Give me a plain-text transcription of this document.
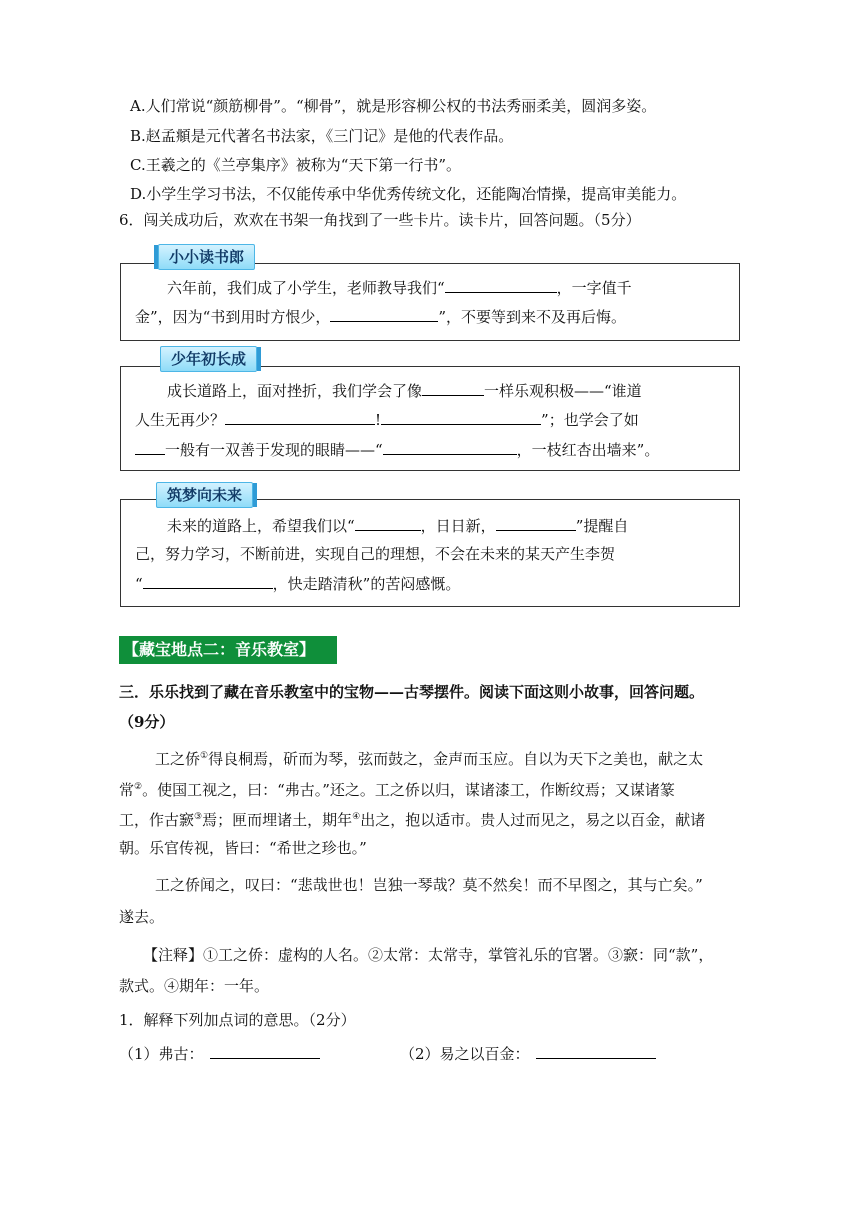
A.人们常说“颜筋柳骨”。“柳骨”，就是形容柳公权的书法秀丽柔美，圆润多姿。
B.赵孟頫是元代著名书法家，《三门记》是他的代表作品。
C.王羲之的《兰亭集序》被称为“天下第一行书”。
D.小学生学习书法，不仅能传承中华优秀传统文化，还能陶冶情操，提高审美能力。
6．闯关成功后，欢欢在书架一角找到了一些卡片。读卡片，回答问题。（5分）
六年前，我们成了小学生，老师教导我们“	，一字值千
金”，因为“书到用时方恨少，	”，不要等到来不及再后悔。
小小读书郎
成长道路上，面对挫折，我们学会了像	一样乐观积极——“谁道
人生无再少？	!	”；也学会了如
一般有一双善于发现的眼睛——“	，一枝红杏出墙来”。
少年初长成
未来的道路上，希望我们以“	，日日新，	”提醒自
己，努力学习，不断前进，实现自己的理想，不会在未来的某天产生李贺
“	，快走踏清秋”的苦闷感慨。
筑梦向未来
【藏宝地点二：音乐教室】
三．乐乐找到了藏在音乐教室中的宝物——古琴摆件。阅读下面这则小故事，回答问题。
（9分）
工之侨①得良桐焉，斫而为琴，弦而鼓之，金声而玉应。自以为天下之美也，献之太
常②。使国工视之，曰：“弗古。”还之。工之侨以归，谋诸漆工，作断纹焉；又谋诸篆
工，作古窾③焉；匣而埋诸土，期年④出之，抱以适市。贵人过而见之，易之以百金，献诸
朝。乐官传视，皆曰：“希世之珍也。”
工之侨闻之，叹曰：“悲哉世也！岂独一琴哉？莫不然矣！而不早图之，其与亡矣。”
遂去。
【注释】①工之侨：虚构的人名。②太常：太常寺，掌管礼乐的官署。③窾：同“款”，
款式。④期年：一年。
1．解释下列加点词的意思。（2分）
（1）弗古：	（2）易之以百金：
